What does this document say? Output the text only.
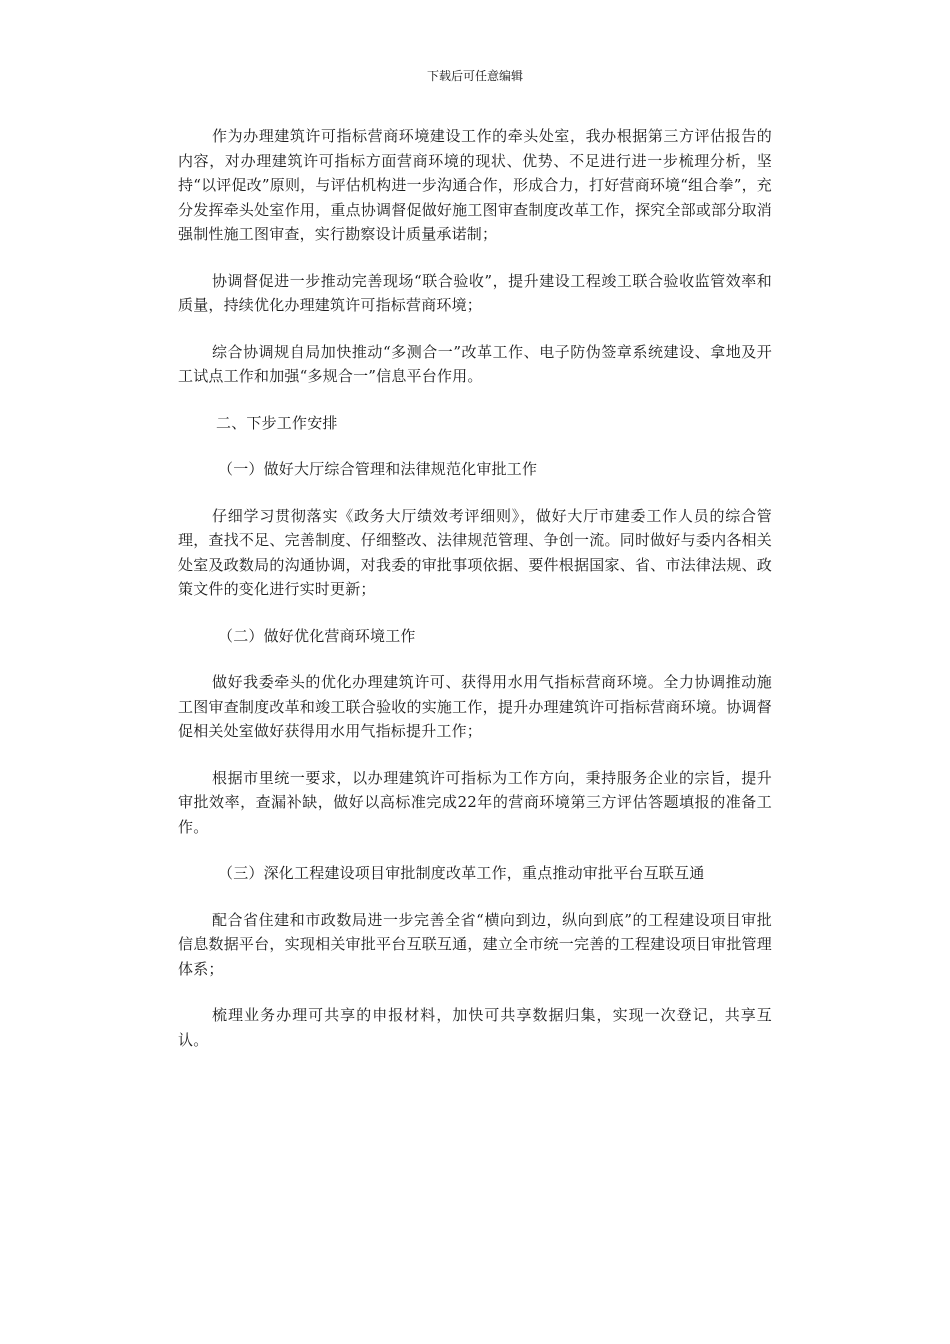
下载后可任意编辑

作为办理建筑许可指标营商环境建设工作的牵头处室，我办根据第三方评估报告的内容，对办理建筑许可指标方面营商环境的现状、优势、不足进行进一步梳理分析，坚持“以评促改”原则，与评估机构进一步沟通合作，形成合力，打好营商环境“组合拳”，充分发挥牵头处室作用，重点协调督促做好施工图审查制度改革工作，探究全部或部分取消强制性施工图审查，实行勘察设计质量承诺制；

协调督促进一步推动完善现场“联合验收”，提升建设工程竣工联合验收监管效率和质量，持续优化办理建筑许可指标营商环境；

综合协调规自局加快推动“多测合一”改革工作、电子防伪签章系统建设、拿地及开工试点工作和加强“多规合一”信息平台作用。

二、下步工作安排

（一）做好大厅综合管理和法律规范化审批工作

仔细学习贯彻落实《政务大厅绩效考评细则》，做好大厅市建委工作人员的综合管理，查找不足、完善制度、仔细整改、法律规范管理、争创一流。同时做好与委内各相关处室及政数局的沟通协调，对我委的审批事项依据、要件根据国家、省、市法律法规、政策文件的变化进行实时更新；

（二）做好优化营商环境工作

做好我委牵头的优化办理建筑许可、获得用水用气指标营商环境。全力协调推动施工图审查制度改革和竣工联合验收的实施工作，提升办理建筑许可指标营商环境。协调督促相关处室做好获得用水用气指标提升工作；

根据市里统一要求，以办理建筑许可指标为工作方向，秉持服务企业的宗旨，提升审批效率，查漏补缺，做好以高标准完成22年的营商环境第三方评估答题填报的准备工作。

（三）深化工程建设项目审批制度改革工作，重点推动审批平台互联互通

配合省住建和市政数局进一步完善全省“横向到边，纵向到底”的工程建设项目审批信息数据平台，实现相关审批平台互联互通，建立全市统一完善的工程建设项目审批管理体系；

梳理业务办理可共享的申报材料，加快可共享数据归集，实现一次登记，共享互认。
